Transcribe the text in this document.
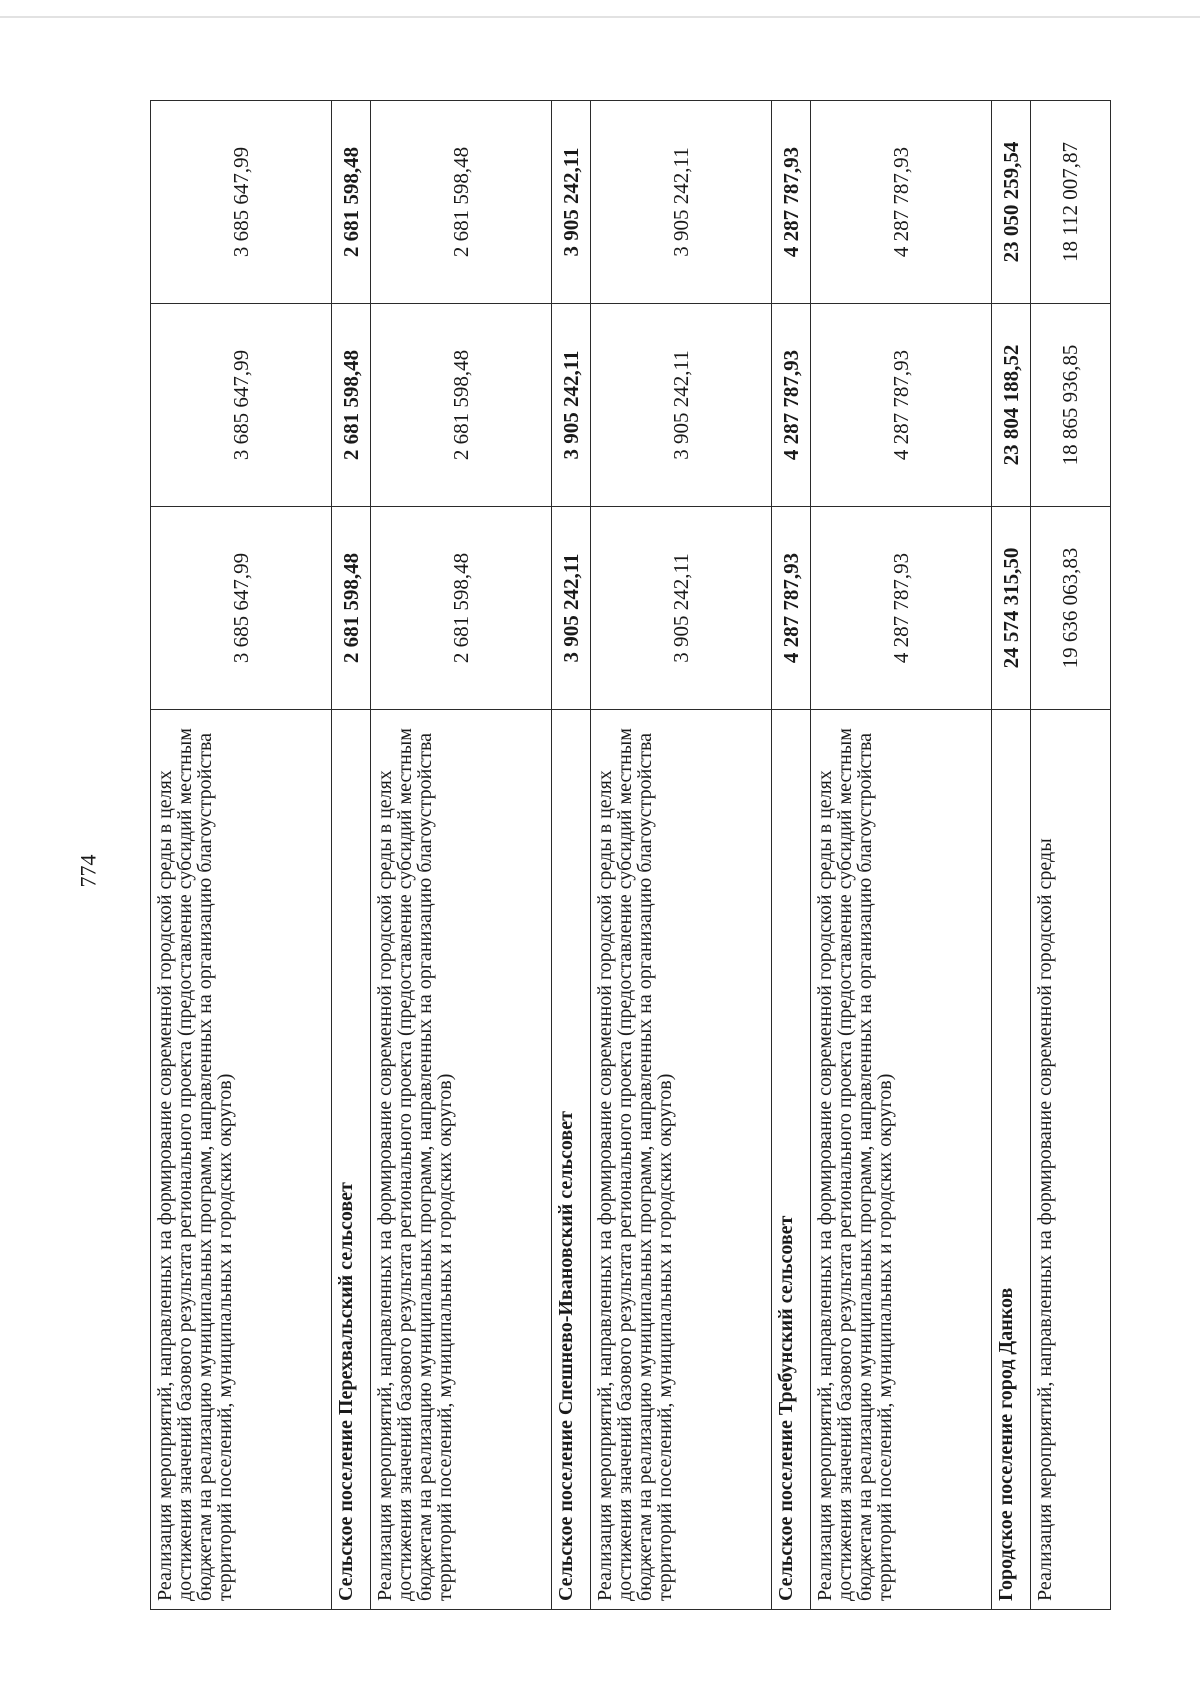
774	Реализация мероприятий, направленных на формирование современной городской среды в целях достижения значений базового результата регионального проекта (предоставление субсидий местным бюджетам на реализацию муниципальных программ, направленных на организацию благоустройства территорий поселений, муниципальных и городских округов)	3 685 647,99	3 685 647,99	3 685 647,99
Сельское поселение Перехвальский сельсовет	2 681 598,48	2 681 598,48	2 681 598,48
Реализация мероприятий, направленных на формирование современной городской среды в целях достижения значений базового результата регионального проекта (предоставление субсидий местным бюджетам на реализацию муниципальных программ, направленных на организацию благоустройства территорий поселений, муниципальных и городских округов)	2 681 598,48	2 681 598,48	2 681 598,48
Сельское поселение Спешнево-Ивановский сельсовет	3 905 242,11	3 905 242,11	3 905 242,11
Реализация мероприятий, направленных на формирование современной городской среды в целях достижения значений базового результата регионального проекта (предоставление субсидий местным бюджетам на реализацию муниципальных программ, направленных на организацию благоустройства территорий поселений, муниципальных и городских округов)	3 905 242,11	3 905 242,11	3 905 242,11
Сельское поселение Требунский сельсовет	4 287 787,93	4 287 787,93	4 287 787,93
Реализация мероприятий, направленных на формирование современной городской среды в целях достижения значений базового результата регионального проекта (предоставление субсидий местным бюджетам на реализацию муниципальных программ, направленных на организацию благоустройства территорий поселений, муниципальных и городских округов)	4 287 787,93	4 287 787,93	4 287 787,93
Городское поселение город Данков	24 574 315,50	23 804 188,52	23 050 259,54
Реализация мероприятий, направленных на формирование современной городской среды	19 636 063,83	18 865 936,85	18 112 007,87
